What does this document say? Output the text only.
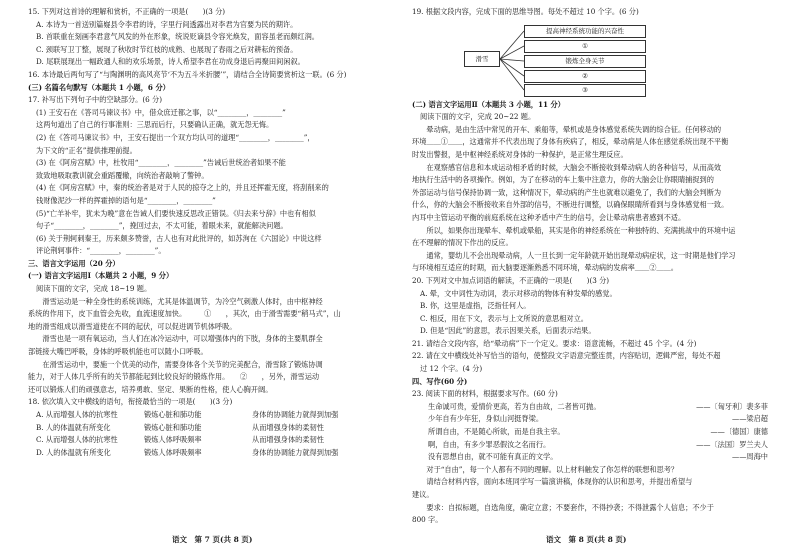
15. 下列对这首诗的理解和赏析，不正确的一项是(　　)(3 分)
A. 本诗为一首送别篇嶷县令李君的诗，字里行间透露出对李君为官要为民的期许。
B. 首联重在刻画李君意气风发的外在形象，统说贬谪县令容光焕发，面容虽老而颇红润。
C. 颈联写卫丁整，展现了秋收时节红枝的成熟、也展现了春雨之后对耕耘的预备。
D. 尾联展现出一幅政通人和的欢乐场景，诗人希望李君在功成身退后再聚田间闲叙。
16. 本诗最后两句写了“与陶渊明的高风亮节‘不为五斗米折腰’”，请结合全诗简要赏析这一联。(6 分)
(三) 名篇名句默写（本题共 1 小题，6 分）
17. 补写出下列句子中的空缺部分。(6 分)
(1) 王安石在《答司马谏议书》中，借众庶迁都之事，以“________，________”
这两句道出了自己的行事准则：三思而后行，只要确认正确，就无怨无悔。
(2) 在《答司马谏议书》中，王安石提出一个双方均认可的道理“________，________”，
为下文的“正名”提供推理前提。
(3) 在《阿房宫赋》中，杜牧用“________，________”告诫后世统治者如果不能
致致地吸取教训就会重蹈覆辙，向统治者敲响了警钟。
(4) 在《阿房宫赋》中，秦的统治者是对于人民的掠夺之上的，并且还挥霍无度，将刮削来的
钱财像泥沙一样的挥霍掉的语句是“________，________”
(5)“亡羊补牢，犹未为晚”意在告诫人们要快速反思改正错误。《归去来兮辞》中也有相似
句子“________，________”，挽回过去，不太可能，着眼未来，就能解决问题。
(6) 关于荆轲刺秦王，历来颇多赞誉，古人也有对此批评的，如苏洵在《六国论》中说这样
评论荆轲事件：“________，________”。
三、语言文字运用（20 分）
(一) 语言文字运用Ⅰ（本题共 2 小题，9 分）
阅读下面的文字，完成 18~19 题。
　　滑雪运动是一种全身性的系统训练，尤其是体温调节，为冷空气刺激人体时，由中枢神经
系统的作用下，皮下血管会先收，血流速度加快。　　　①　　，其次，由于滑雪需要“稍马式”，山
地的滑雪组成以滑雪道使在不同的起伏，可以促进调节机体呼吸。
　　滑雪也是一项有氧运动，当人们在冰冷运动中，可以增强体内的下肢，身体的主要肌群全
部链接大嘴巴呼吸，身体的呼吸机能也可以随小口呼吸。
　　在滑雪运动中，要施一个优美的动作，需要身体各个关节的完美配合，滑雪除了锻炼协调
能力，对于人体几乎所有的关节都能起到比较良好的锻炼作用。　　②　　，另外，滑雪运动
还可以锻炼人们的顽强意志，培养勇敢、坚定、果断的性格，使人心胸开阔。
18. 依次填入文中横线的语句，衔接最恰当的一项是(　　)(3 分)
A. 从而增强人体的抗寒性	锻炼心脏和肺功能	身体的协调能力就得到加强
B. 人的体温就有所变化	锻炼心脏和肺功能	从而增强身体的柔韧性
C. 从而增强人体的抗寒性	锻炼人体呼吸频率	从而增强身体的柔韧性
D. 人的体温就有所变化	锻炼人体呼吸频率	身体的协调能力就得到加强
19. 根据文段内容，完成下面的思维导图。每处不超过 10 个字。(6 分)
滑雪
提高神经系统功能的兴奋性
①
锻炼全身关节
②
③
(二) 语言文字运用Ⅱ（本题共 3 小题，11 分）
阅读下面的文字，完成 20~22 题。
　　晕动病，是由生活中常见的开车、乘船等，晕机或是身体感觉系统失调的综合征。任何移动的
环境＿＿①＿＿，这通常并不代表出现了身体有疾病了，相反，晕动病是人体在感觉系统出现不平衡
时发出警报，是中枢神经系统对身体的一种保护，是正常生理反应。
　　在观察感官信息和本成运动相矛盾的时候，大脑会不断接收到晕动病人的各种信号，从而高效
地执行生活中的各项操作。例如，为了在移动的车上集中注意力，你的大脑会让你眼睛捕捉到的
外部运动与信号保持协调一致，这种情况下，晕动病的产生也就难以避免了，我们的大脑会判断为
什么，你的大脑会不断接收来自外部的信号，不断进行调整，以确保眼睛所看到与身体感觉相一致。
内耳中主管运动平衡的前庭系统在这种矛盾中产生的信号，会让晕动病患者感到不适。
　　所以，如果你出现晕车、晕机或晕船，其实是你的神经系统在一种独特的、充满挑战中的环境中运
在不理解的情况下作出的反应。
　　通常，婴幼儿不会出现晕动病，人一旦长到一定年龄就开始出现晕动病症状，这一时期是他们学习
与环境相互适应的时期，而大脑要逐渐熟悉不同环境，晕动病的发病率＿＿②＿＿。
20. 下列对文中加点词语的解读，不正确的一项是(　　)(3 分)
A. 晕，文中词性为动词，表示对移动的物体有种发晕的感觉。
B. 你，这里是虚指，泛指任何人。
C. 相反，用在下文，表示与上文所说的意思相对立。
D. 但是“因此”的意思，表示因果关系，后面表示结果。
21. 请结合文段内容，给“晕动病”下一个定义。要求：语意流畅，不超过 45 个字。(4 分)
22. 请在文中横线处补写恰当的语句，使整段文字语意完整连贯，内容贴切，逻辑严密，每处不超
过 12 个字。(4 分)
四、写作(60 分)
23. 阅读下面的材料，根据要求写作。(60 分)
生命诚可贵，爱情价更高，若为自由故，二者皆可抛。	——〔匈牙利〕裴多菲
少年自有少年狂，身似山河挺脊梁。	——梁启超
所谓自由，不是随心所欲，而是自我主宰。	——〔德国〕康德
啊，自由，有多少罪恶假汝之名而行。	——〔法国〕罗兰夫人
没有思想自由，就不可能有真正的文学。	——周海中
　　对于“自由”，每一个人都有不同的理解。以上材料触发了你怎样的联想和思考？
　　请结合材料内容，面向本班同学写一篇演讲稿，体现你的认识和思考，并提出希望与
建议。
　　要求：自拟标题，自选角度，确定立意；不要套作，不得抄袭；不得泄露个人信息；不少于
800 字。
语文　第 7 页(共 8 页)	语文　第 8 页(共 8 页)
